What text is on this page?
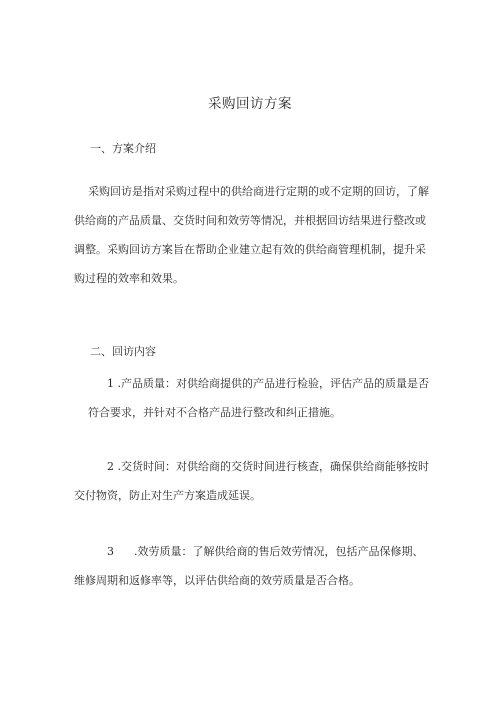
采购回访方案
一、方案介绍
采购回访是指对采购过程中的供给商进行定期的或不定期的回访，了解
供给商的产品质量、交货时间和效劳等情况，并根据回访结果进行整改或
调整。采购回访方案旨在帮助企业建立起有效的供给商管理机制，提升采
购过程的效率和效果。
二、回访内容
1 .产品质量：对供给商提供的产品进行检验，评估产品的质量是否
符合要求，并针对不合格产品进行整改和纠正措施。
2 .交货时间：对供给商的交货时间进行核查，确保供给商能够按时
交付物资，防止对生产方案造成延误。
3 .效劳质量：了解供给商的售后效劳情况，包括产品保修期、
维修周期和返修率等，以评估供给商的效劳质量是否合格。
